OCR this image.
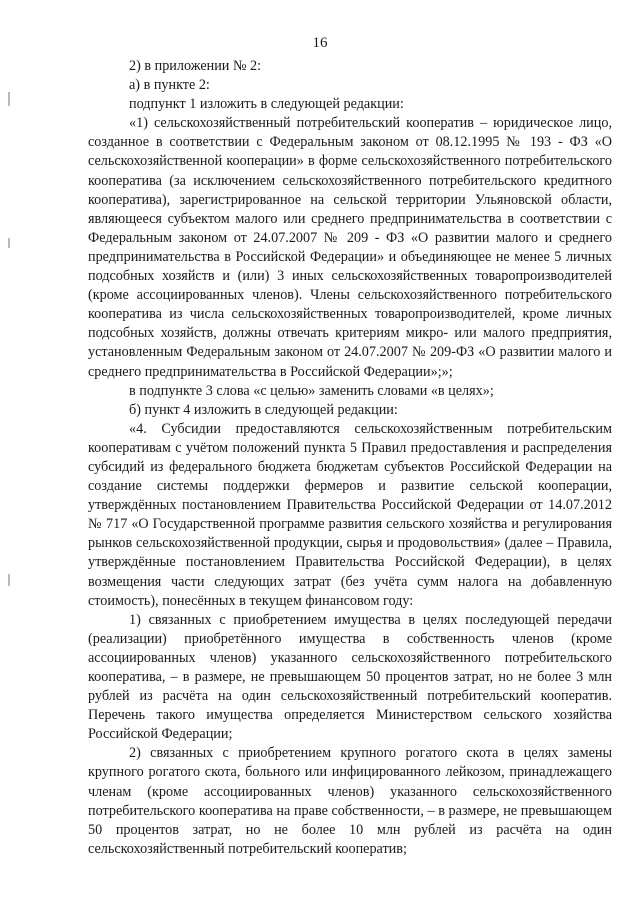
16

2) в приложении № 2:

а) в пункте 2:

подпункт 1 изложить в следующей редакции:

«1) сельскохозяйственный потребительский кооператив – юридическое лицо, созданное в соответствии с Федеральным законом от 08.12.1995 № 193 - ФЗ «О сельскохозяйственной кооперации» в форме сельскохозяйственного потребительского кооператива (за исключением сельскохозяйственного потребительского кредитного кооператива), зарегистрированное на сельской территории Ульяновской области, являющееся субъектом малого или среднего предпринимательства в соответствии с Федеральным законом от 24.07.2007 № 209 - ФЗ «О развитии малого и среднего предпринимательства в Российской Федерации» и объединяющее не менее 5 личных подсобных хозяйств и (или) 3 иных сельскохозяйственных товаропроизводителей (кроме ассоциированных членов). Члены сельскохозяйственного потребительского кооператива из числа сельскохозяйственных товаропроизводителей, кроме личных подсобных хозяйств, должны отвечать критериям микро- или малого предприятия, установленным Федеральным законом от 24.07.2007 № 209-ФЗ «О развитии малого и среднего предпринимательства в Российской Федерации»;»;

в подпункте 3 слова «с целью» заменить словами «в целях»;

б) пункт 4 изложить в следующей редакции:

«4. Субсидии предоставляются сельскохозяйственным потребительским кооперативам с учётом положений пункта 5 Правил предоставления и распределения субсидий из федерального бюджета бюджетам субъектов Российской Федерации на создание системы поддержки фермеров и развитие сельской кооперации, утверждённых постановлением Правительства Российской Федерации от 14.07.2012 № 717 «О Государственной программе развития сельского хозяйства и регулирования рынков сельскохозяйственной продукции, сырья и продовольствия» (далее – Правила, утверждённые постановлением Правительства Российской Федерации), в целях возмещения части следующих затрат (без учёта сумм налога на добавленную стоимость), понесённых в текущем финансовом году:

1) связанных с приобретением имущества в целях последующей передачи (реализации) приобретённого имущества в собственность членов (кроме ассоциированных членов) указанного сельскохозяйственного потребительского кооператива, – в размере, не превышающем 50 процентов затрат, но не более 3 млн рублей из расчёта на один сельскохозяйственный потребительский кооператив. Перечень такого имущества определяется Министерством сельского хозяйства Российской Федерации;

2) связанных с приобретением крупного рогатого скота в целях замены крупного рогатого скота, больного или инфицированного лейкозом, принадлежащего членам (кроме ассоциированных членов) указанного сельскохозяйственного потребительского кооператива на праве собственности, – в размере, не превышающем 50 процентов затрат, но не более 10 млн рублей из расчёта на один сельскохозяйственный потребительский кооператив;
